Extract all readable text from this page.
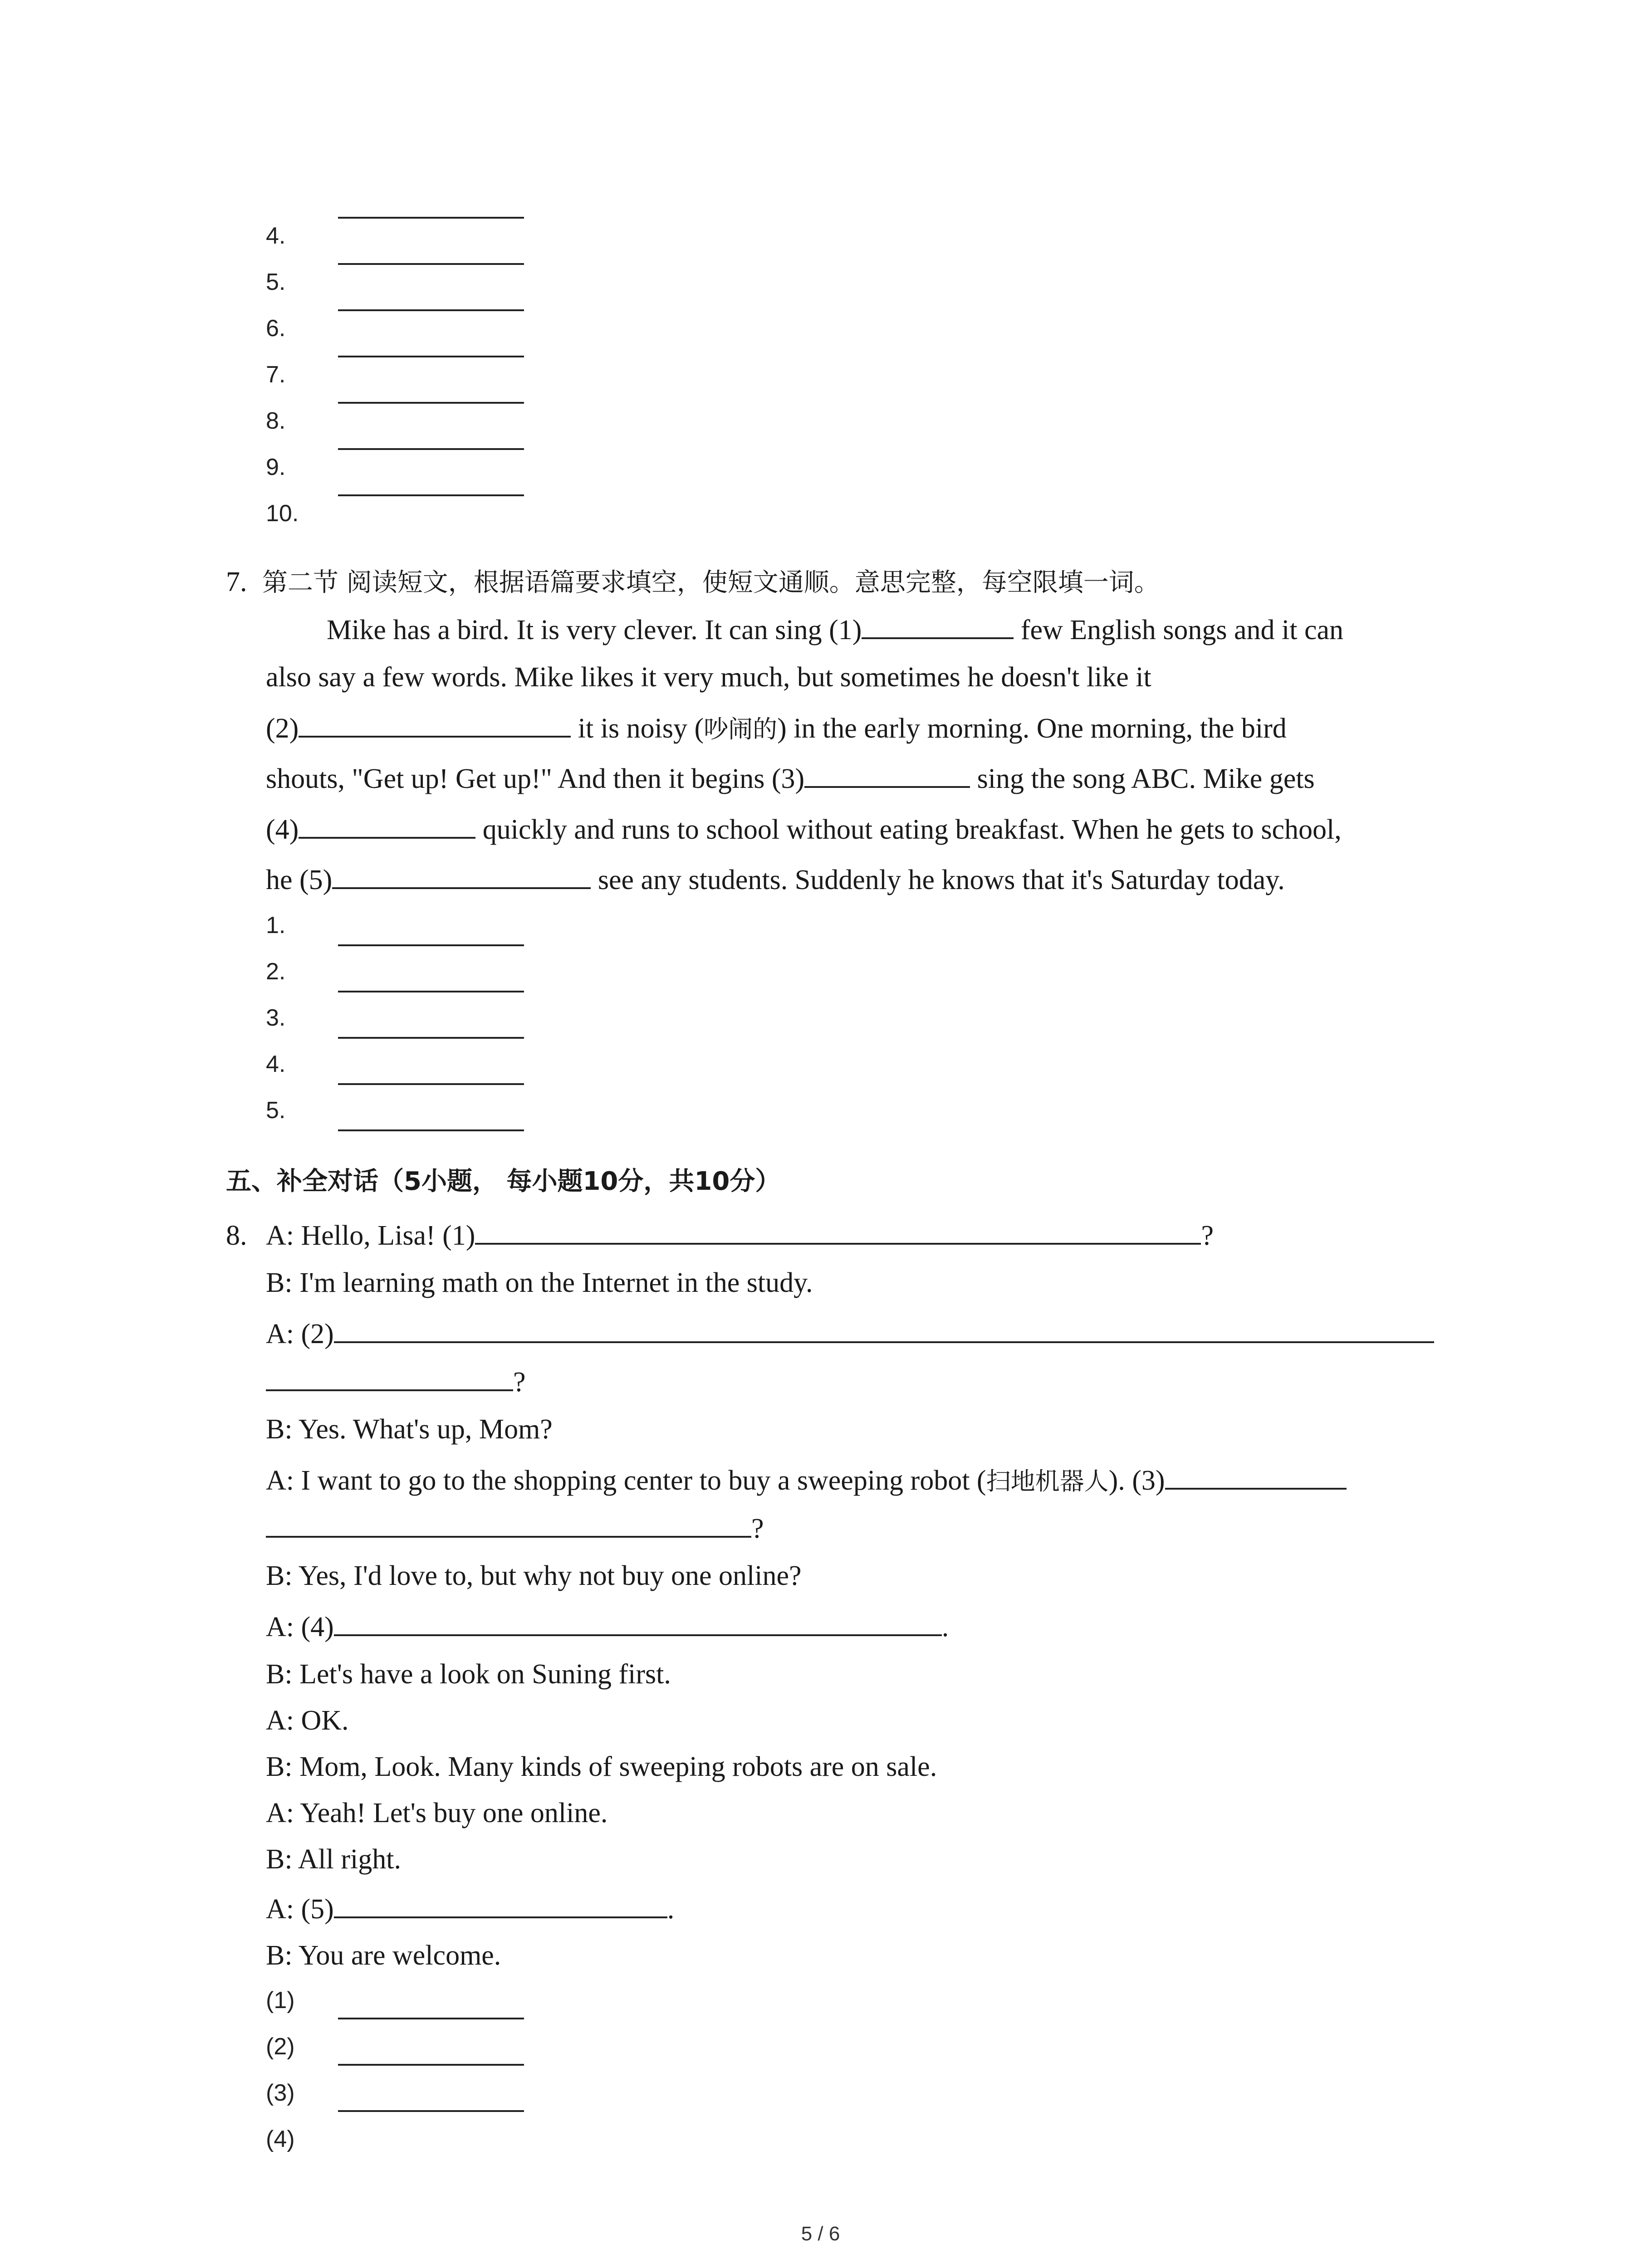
4.
5.
6.
7.
8.
9.
10.
7. 第二节 阅读短文，根据语篇要求填空，使短文通顺。意思完整，每空限填一词。
Mike has a bird. It is very clever. It can sing (1)	few English songs and it can
also say a few words. Mike likes it very much, but sometimes he doesn't like it
(2)	it is noisy (吵闹的) in the early morning. One morning, the bird
shouts, "Get up! Get up!" And then it begins (3)	sing the song ABC. Mike gets
(4)	quickly and runs to school without eating breakfast. When he gets to school,
he (5)	see any students. Suddenly he knows that it's Saturday today.
1.
2.
3.
4.
5.
五、补全对话（5小题， 每小题10分，共10分）
8. A: Hello, Lisa! (1)	?
B: I'm learning math on the Internet in the study.
A: (2)
?
B: Yes. What's up, Mom?
A: I want to go to the shopping center to buy a sweeping robot (扫地机器人). (3)
?
B: Yes, I'd love to, but why not buy one online?
A: (4)	.
B: Let's have a look on Suning first.
A: OK.
B: Mom, Look. Many kinds of sweeping robots are on sale.
A: Yeah! Let's buy one online.
B: All right.
A: (5)	.
B: You are welcome.
(1)
(2)
(3)
(4)
5 / 6
